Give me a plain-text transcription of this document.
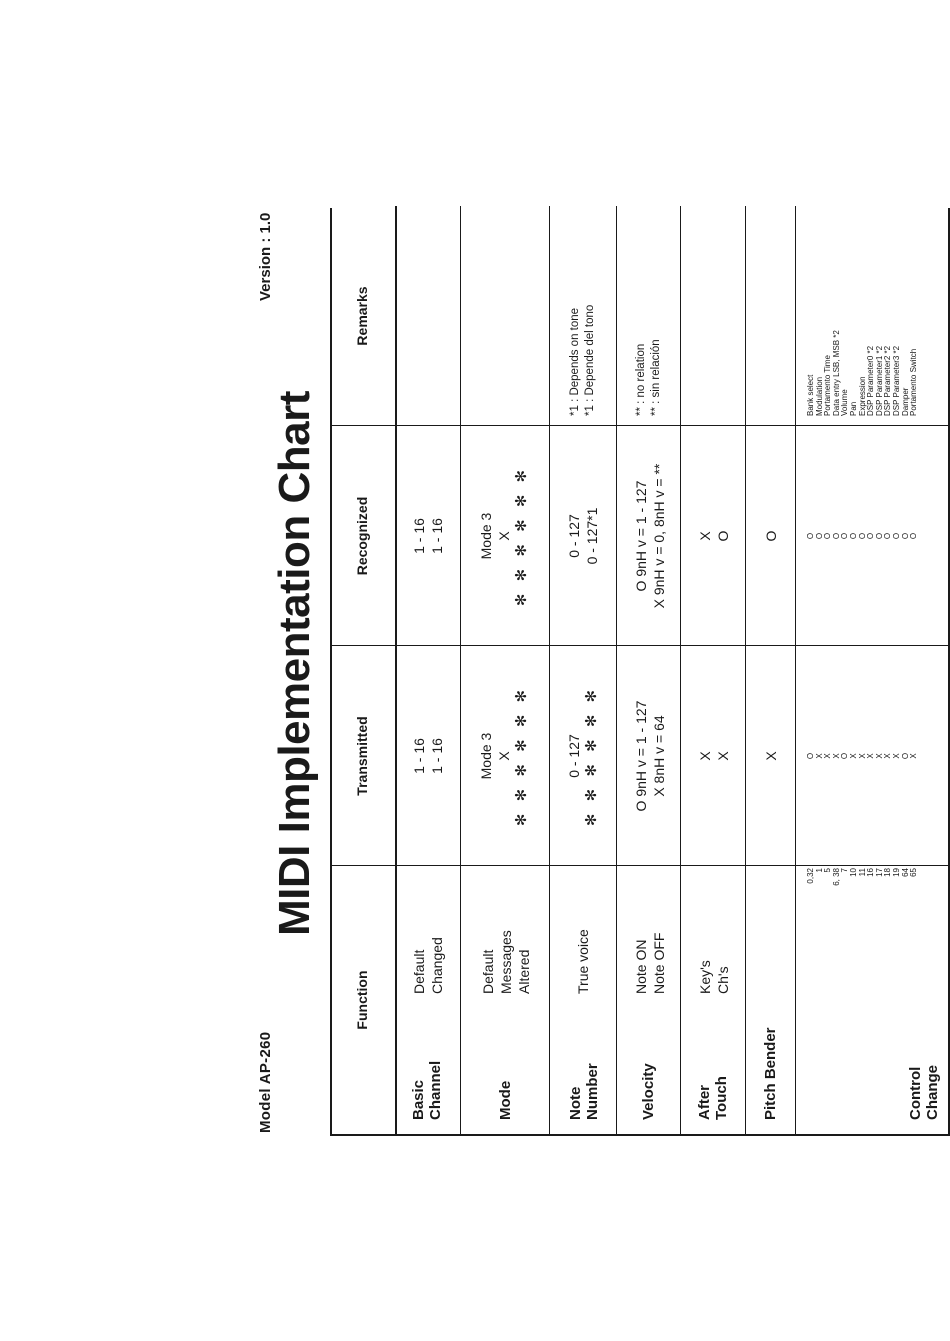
Model AP-260
MIDI Implementation Chart
Version : 1.0
Function
Transmitted
Recognized
Remarks
Basic Channel
Default Changed
1 - 16 1 - 16
1 - 16 1 - 16
Mode
Default Messages Altered
Mode 3 X ✻ ✻ ✻ ✻ ✻ ✻
Mode 3 X ✻ ✻ ✻ ✻ ✻ ✻
Note Number
True voice
0 - 127 ✻ ✻ ✻ ✻ ✻ ✻
0 - 127 0 - 127*1
*1 : Depends on tone *1 : Depende del tono
Velocity
Note ON Note OFF
O 9nH v = 1 - 127 X 8nH v = 64
O 9nH v = 1 - 127 X 9nH v = 0, 8nH v = **
** : no relation ** : sin relación
After Touch
Key's Ch's
X X
X O
Pitch Bender
X
O
Control Change
0,32 1 5 6, 38 7 10 11 16 17 18 19 64 65
O X X X O X X X X X X O X
O O O O O O O O O O O O O
Bank select Modulation Portamento Time Data entry LSB, MSB *2 Volume Pan Expression DSP Parameter0 *2 DSP Parameter1 *2 DSP Parameter2 *2 DSP Parameter3 *2 Damper Portamento Switch
